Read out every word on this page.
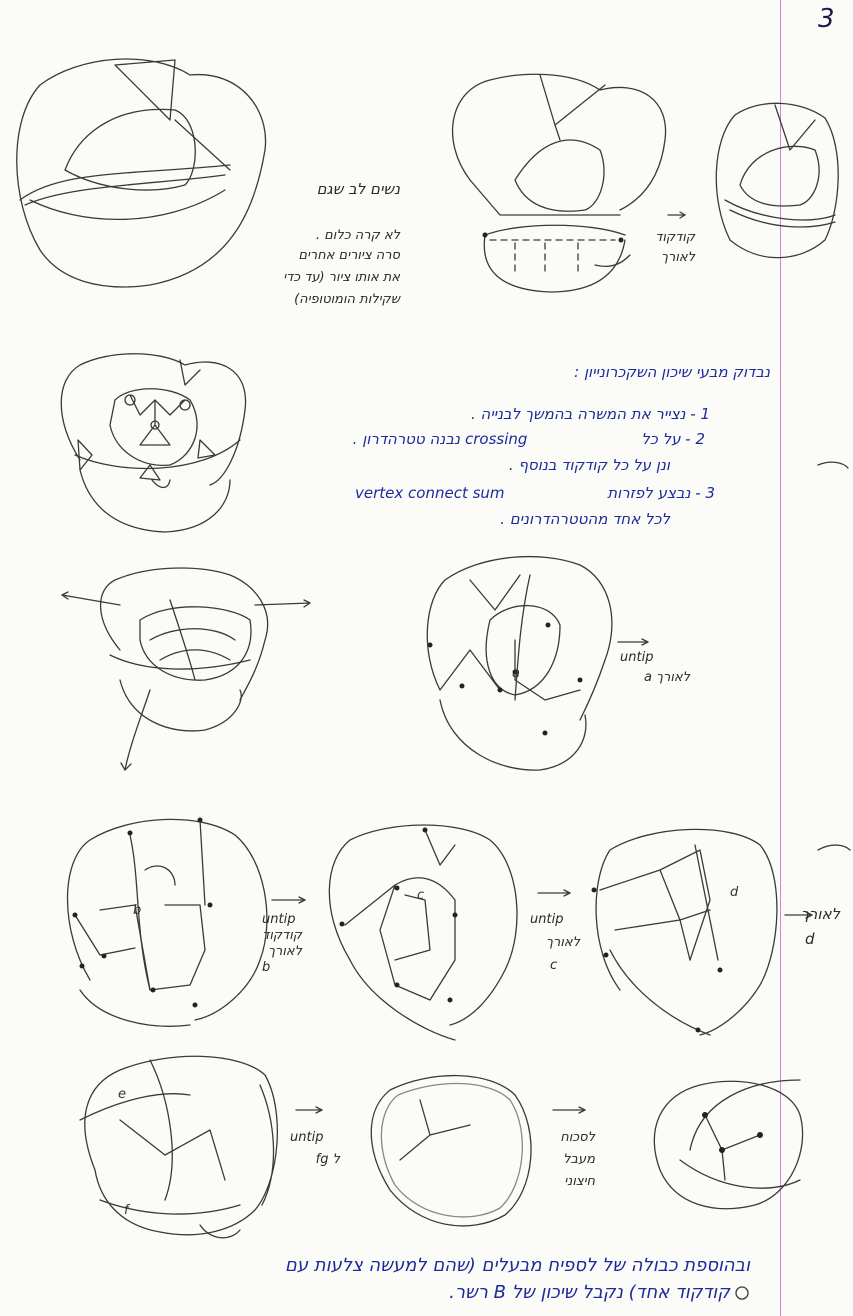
3
a
b
c	d
e
f
נשים לב שגם
לא קרה כלום .
סרה ציורים אחרים
את אותו ציור (עד כדי
שקילות הומוטופיה)
קודקוד
לאורך
נבדוק מבעי שיכון השקכרונייון :
1 - נצייר את המשרה בהמשך לבנייה .
2 - על כל
crossing
נבנה טטרהדרון .
ונן על כל קודקוד בנוסף .
3 - נבצע לפזרות
vertex connect sum
לכל אחד מהטטרהדרונים .
untip
לאורך a
untip
קודקוד
לאורך
b
untip
לאורך
c
לאורך
d
untip
ל fg
לסכוח
מעבל
חיצוני
ובהוספת כבולה של לספיח מבעלים (שהם למעשה צלעות עם
קודקוד אחד) נקבל שיכון של B רשר.
